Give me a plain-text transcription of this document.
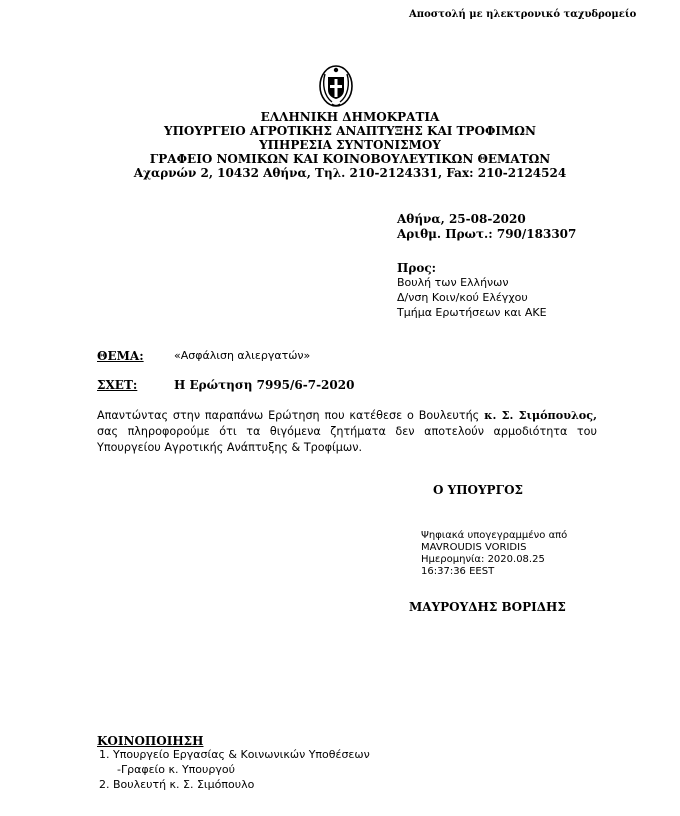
Αποστολή με ηλεκτρονικό ταχυδρομείο
ΕΛΛΗΝΙΚΗ ΔΗΜΟΚΡΑΤΙΑ
ΥΠΟΥΡΓΕΙΟ ΑΓΡΟΤΙΚΗΣ ΑΝΑΠΤΥΞΗΣ ΚΑΙ ΤΡΟΦΙΜΩΝ
ΥΠΗΡΕΣΙΑ ΣΥΝΤΟΝΙΣΜΟΥ
ΓΡΑΦΕΙΟ ΝΟΜΙΚΩΝ ΚΑΙ ΚΟΙΝΟΒΟΥΛΕΥΤΙΚΩΝ ΘΕΜΑΤΩΝ
Αχαρνών 2, 10432 Αθήνα, Τηλ. 210-2124331, Fax: 210-2124524
Αθήνα, 25-08-2020
Αριθμ. Πρωτ.: 790/183307
Προς:
Βουλή των Ελλήνων
Δ/νση Κοιν/κού Ελέγχου
Τμήμα Ερωτήσεων και ΑΚΕ
ΘΕΜΑ:	«Ασφάλιση αλιεργατών»
ΣΧΕΤ:	Η Ερώτηση 7995/6-7-2020
Απαντώντας στην παραπάνω Ερώτηση που κατέθεσε ο Βουλευτής κ. Σ. Σιμόπουλος, σας πληροφορούμε ότι τα θιγόμενα ζητήματα δεν αποτελούν αρμοδιότητα του Υπουργείου Αγροτικής Ανάπτυξης & Τροφίμων.
Ο ΥΠΟΥΡΓΟΣ
Ψηφιακά υπογεγραμμένο από
MAVROUDIS VORIDIS
Ημερομηνία: 2020.08.25
16:37:36 EEST
ΜΑΥΡΟΥΔΗΣ ΒΟΡΙΔΗΣ
ΚΟΙΝΟΠΟΙΗΣΗ
1. Υπουργείο Εργασίας & Κοινωνικών Υποθέσεων
-Γραφείο κ. Υπουργού
2. Βουλευτή κ. Σ. Σιμόπουλο
